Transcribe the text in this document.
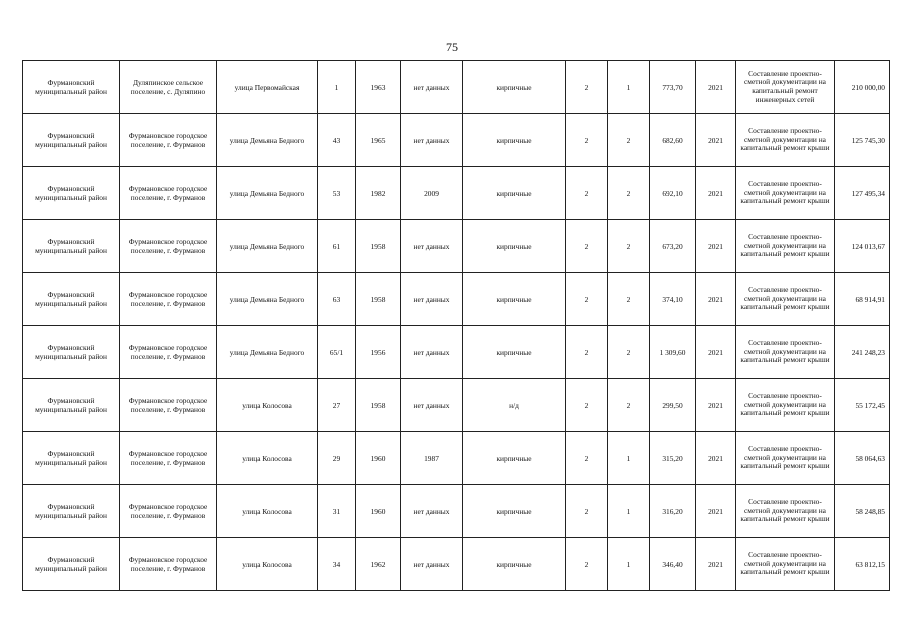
75
Фурмановский муниципальный район	Дуляпинское сельское поселение, с. Дуляпино	улица Первомайская	1	1963	нет данных	кирпичные	2	1	773,70	2021	Составление проектно-сметной документации на капитальный ремонт инженерных сетей	210 000,00
Фурмановский муниципальный район	Фурмановское городское поселение, г. Фурманов	улица Демьяна Бедного	43	1965	нет данных	кирпичные	2	2	682,60	2021	Составление проектно-сметной документации на капитальный ремонт крыши	125 745,30
Фурмановский муниципальный район	Фурмановское городское поселение, г. Фурманов	улица Демьяна Бедного	53	1982	2009	кирпичные	2	2	692,10	2021	Составление проектно-сметной документации на капитальный ремонт крыши	127 495,34
Фурмановский муниципальный район	Фурмановское городское поселение, г. Фурманов	улица Демьяна Бедного	61	1958	нет данных	кирпичные	2	2	673,20	2021	Составление проектно-сметной документации на капитальный ремонт крыши	124 013,67
Фурмановский муниципальный район	Фурмановское городское поселение, г. Фурманов	улица Демьяна Бедного	63	1958	нет данных	кирпичные	2	2	374,10	2021	Составление проектно-сметной документации на капитальный ремонт крыши	68 914,91
Фурмановский муниципальный район	Фурмановское городское поселение, г. Фурманов	улица Демьяна Бедного	65/1	1956	нет данных	кирпичные	2	2	1 309,60	2021	Составление проектно-сметной документации на капитальный ремонт крыши	241 248,23
Фурмановский муниципальный район	Фурмановское городское поселение, г. Фурманов	улица Колосова	27	1958	нет данных	н/д	2	2	299,50	2021	Составление проектно-сметной документации на капитальный ремонт крыши	55 172,45
Фурмановский муниципальный район	Фурмановское городское поселение, г. Фурманов	улица Колосова	29	1960	1987	кирпичные	2	1	315,20	2021	Составление проектно-сметной документации на капитальный ремонт крыши	58 064,63
Фурмановский муниципальный район	Фурмановское городское поселение, г. Фурманов	улица Колосова	31	1960	нет данных	кирпичные	2	1	316,20	2021	Составление проектно-сметной документации на капитальный ремонт крыши	58 248,85
Фурмановский муниципальный район	Фурмановское городское поселение, г. Фурманов	улица Колосова	34	1962	нет данных	кирпичные	2	1	346,40	2021	Составление проектно-сметной документации на капитальный ремонт крыши	63 812,15
